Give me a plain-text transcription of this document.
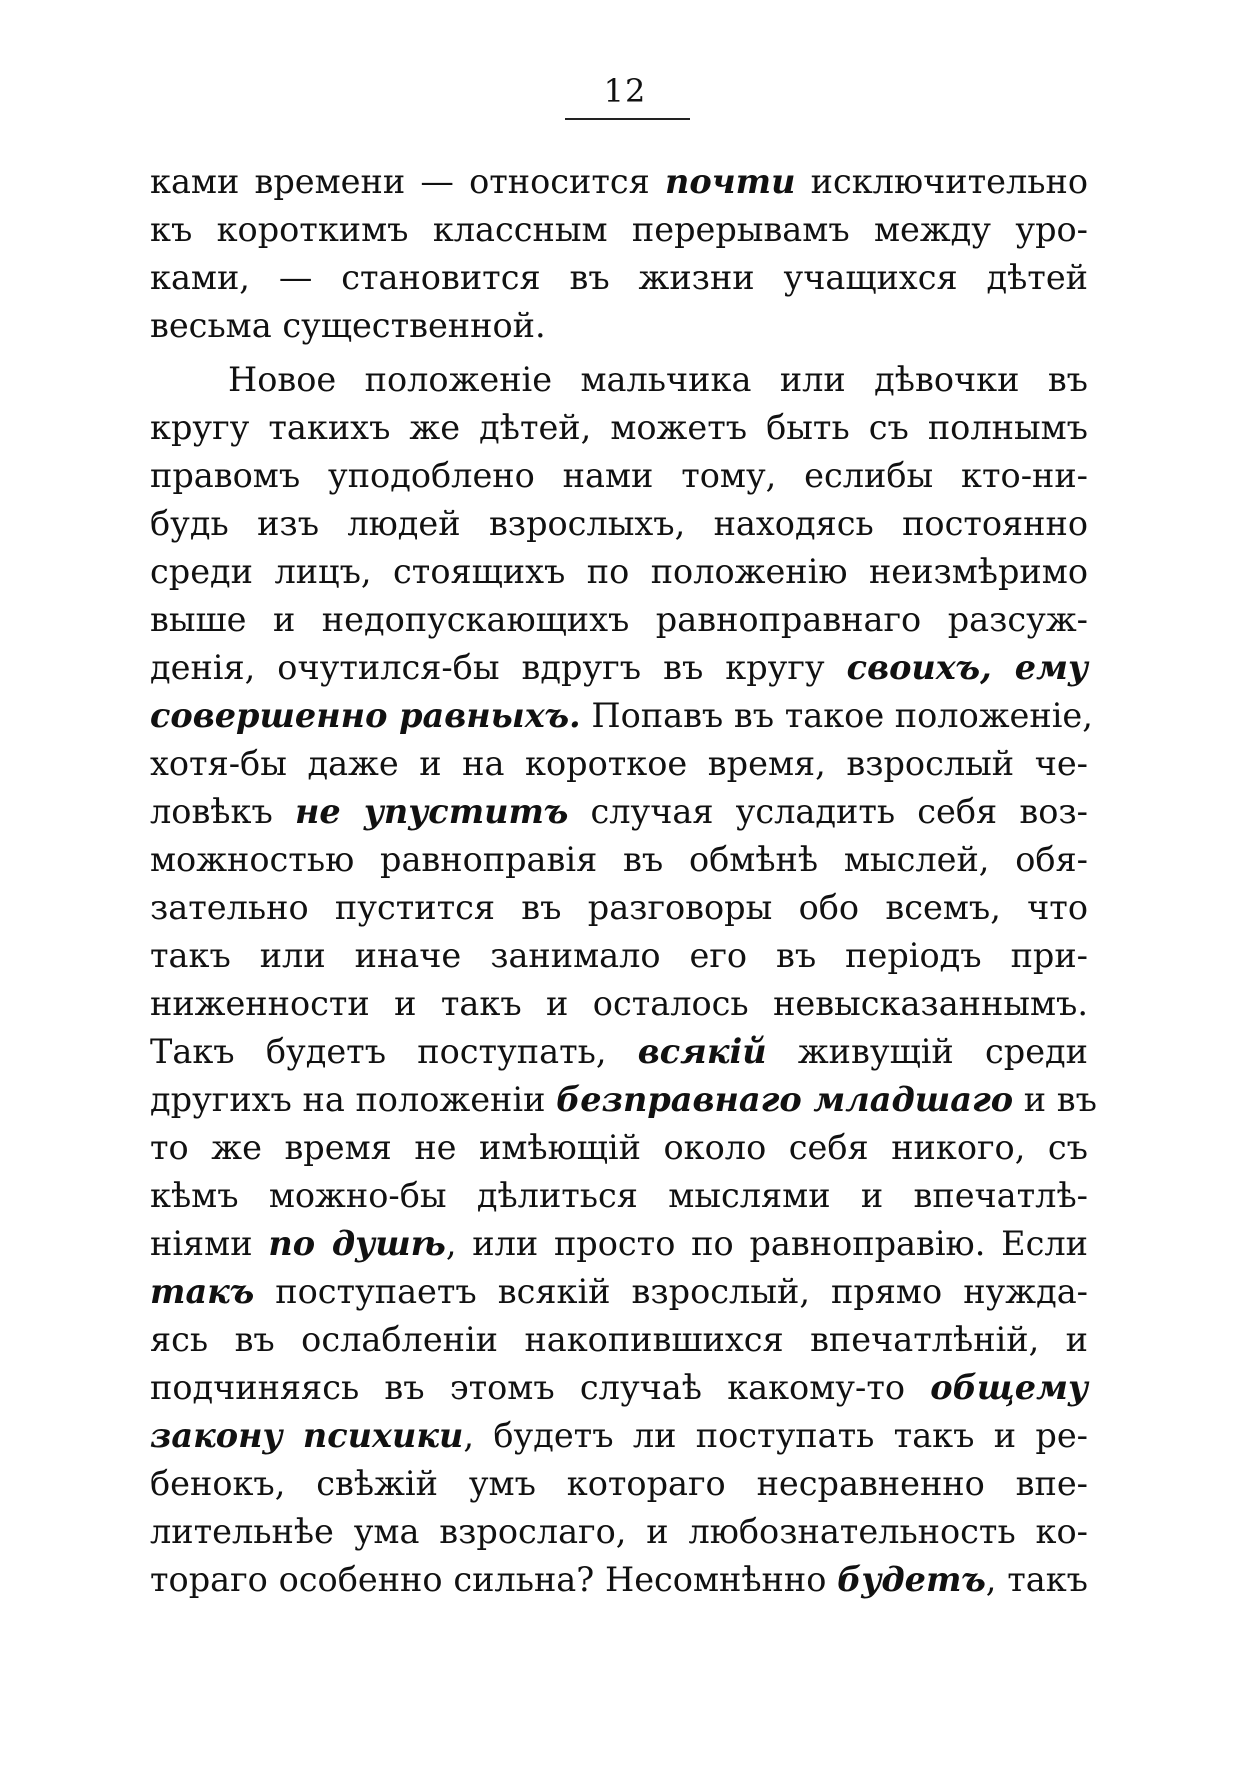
12
ками времени — относится почти исключительно
къ короткимъ классным перерывамъ между уро-
ками, — становится въ жизни учащихся дѣтей
весьма существенной.
Новое положеніе мальчика или дѣвочки въ
кругу такихъ же дѣтей, можетъ быть съ полнымъ
правомъ уподоблено нами тому, еслибы кто-ни-
будь изъ людей взрослыхъ, находясь постоянно
среди лицъ, стоящихъ по положенію неизмѣримо
выше и недопускающихъ равноправнаго разсуж-
денія, очутился-бы вдругъ въ кругу своихъ, ему
совершенно равныхъ. Попавъ въ такое положеніе,
хотя-бы даже и на короткое время, взрослый че-
ловѣкъ не упуститъ случая усладить себя воз-
можностью равноправія въ обмѣнѣ мыслей, обя-
зательно пустится въ разговоры обо всемъ, что
такъ или иначе занимало его въ періодъ при-
ниженности и такъ и осталось невысказаннымъ.
Такъ будетъ поступать, всякій живущій среди
другихъ на положеніи безправнаго младшаго и въ
то же время не имѣющій около себя никого, съ
кѣмъ можно-бы дѣлиться мыслями и впечатлѣ-
ніями по душѣ, или просто по равноправію. Если
такъ поступаетъ всякій взрослый, прямо нужда-
ясь въ ослабленіи накопившихся впечатлѣній, и
подчиняясь въ этомъ случаѣ какому-то общему
закону психики, будетъ ли поступать такъ и ре-
бенокъ, свѣжій умъ котораго несравненно впе-
лительнѣе ума взрослаго, и любознательность ко-
тораго особенно сильна? Несомнѣнно будетъ, такъ
